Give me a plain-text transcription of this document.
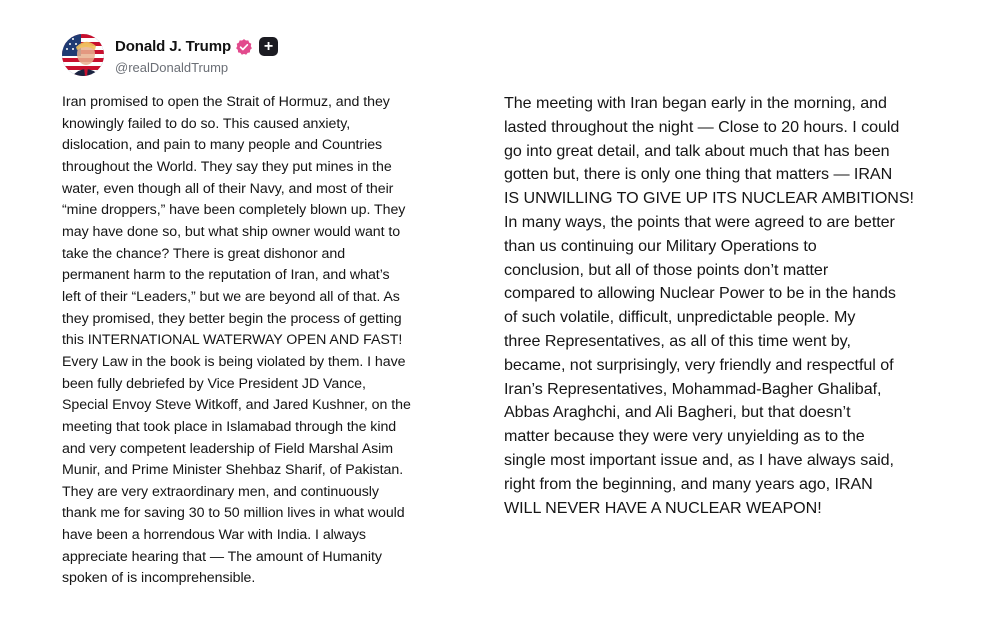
Donald J. Trump	+
@realDonaldTrump
Iran promised to open the Strait of Hormuz, and they
knowingly failed to do so. This caused anxiety,
dislocation, and pain to many people and Countries
throughout the World. They say they put mines in the
water, even though all of their Navy, and most of their
“mine droppers,” have been completely blown up. They
may have done so, but what ship owner would want to
take the chance? There is great dishonor and
permanent harm to the reputation of Iran, and what’s
left of their “Leaders,” but we are beyond all of that. As
they promised, they better begin the process of getting
this INTERNATIONAL WATERWAY OPEN AND FAST!
Every Law in the book is being violated by them. I have
been fully debriefed by Vice President JD Vance,
Special Envoy Steve Witkoff, and Jared Kushner, on the
meeting that took place in Islamabad through the kind
and very competent leadership of Field Marshal Asim
Munir, and Prime Minister Shehbaz Sharif, of Pakistan.
They are very extraordinary men, and continuously
thank me for saving 30 to 50 million lives in what would
have been a horrendous War with India. I always
appreciate hearing that — The amount of Humanity
spoken of is incomprehensible.
The meeting with Iran began early in the morning, and
lasted throughout the night — Close to 20 hours. I could
go into great detail, and talk about much that has been
gotten but, there is only one thing that matters — IRAN
IS UNWILLING TO GIVE UP ITS NUCLEAR AMBITIONS!
In many ways, the points that were agreed to are better
than us continuing our Military Operations to
conclusion, but all of those points don’t matter
compared to allowing Nuclear Power to be in the hands
of such volatile, difficult, unpredictable people. My
three Representatives, as all of this time went by,
became, not surprisingly, very friendly and respectful of
Iran’s Representatives, Mohammad-Bagher Ghalibaf,
Abbas Araghchi, and Ali Bagheri, but that doesn’t
matter because they were very unyielding as to the
single most important issue and, as I have always said,
right from the beginning, and many years ago, IRAN
WILL NEVER HAVE A NUCLEAR WEAPON!
